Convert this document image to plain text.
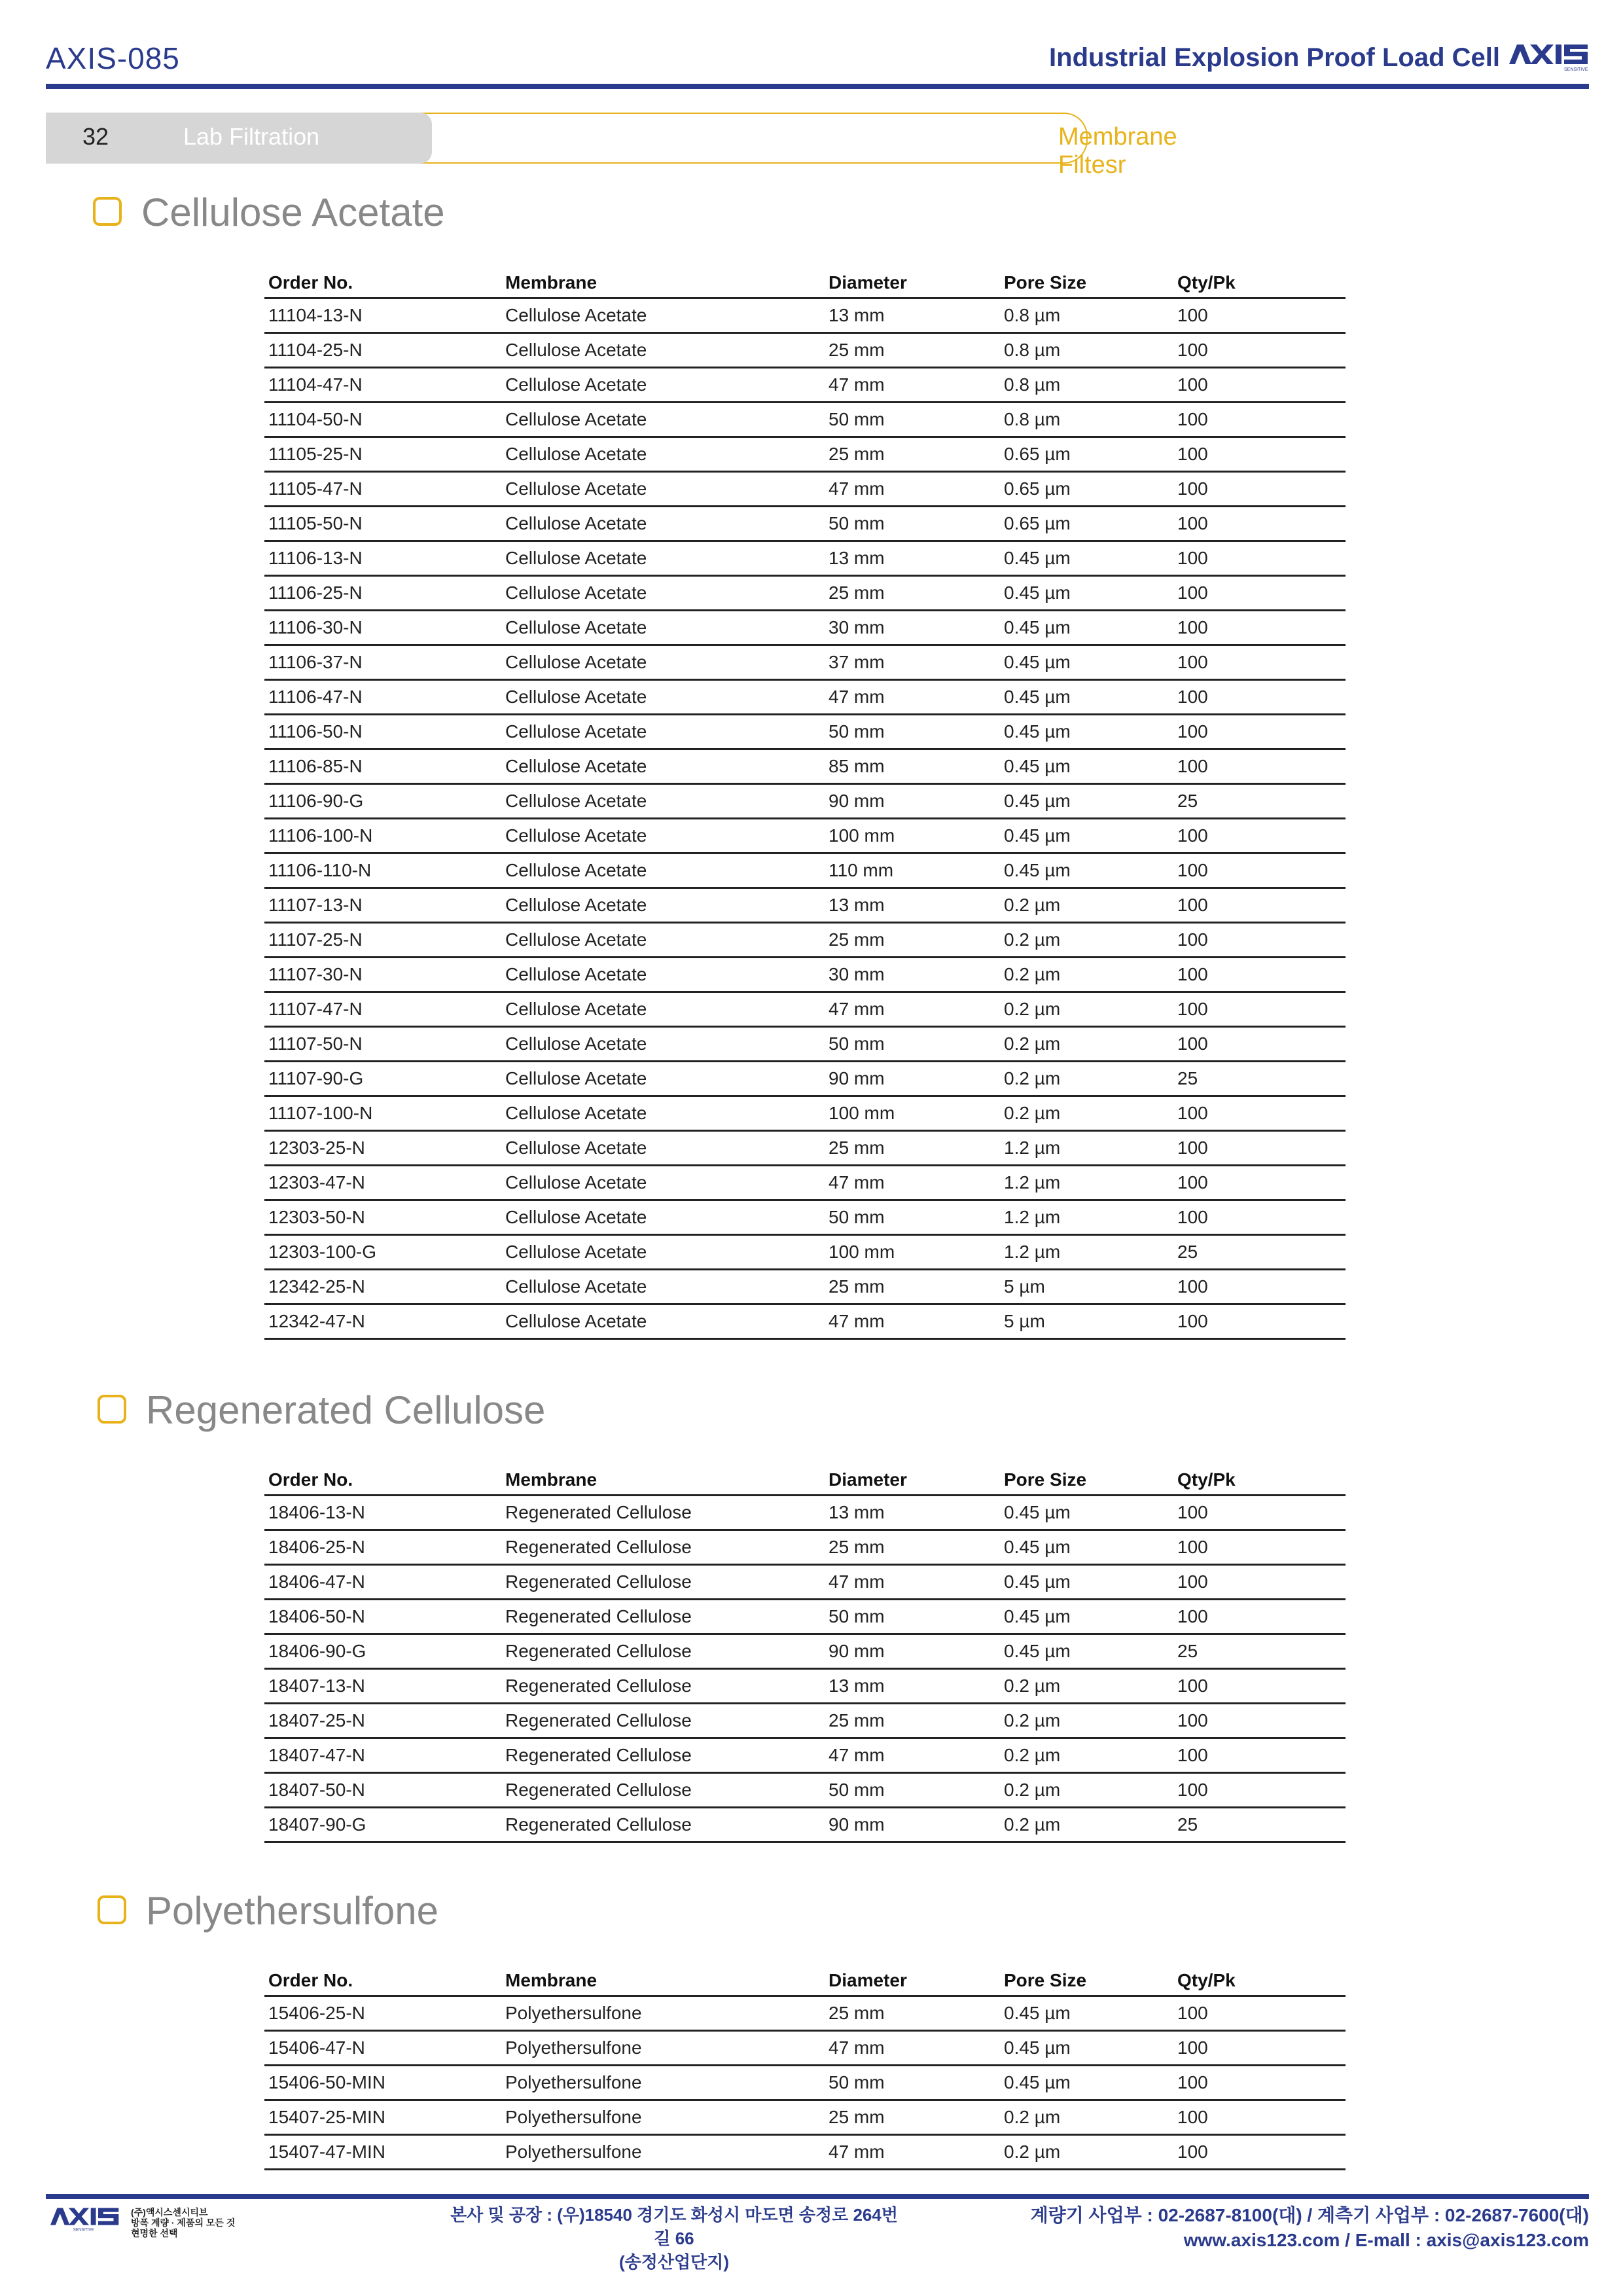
AXIS-085	Industrial Explosion Proof Load Cell	SENSITIVE
32	Lab Filtration	Membrane Filtesr
Cellulose Acetate
Order No.	Membrane	Diameter	Pore Size	Qty/Pk
11104-13-N	Cellulose Acetate	13 mm	0.8 µm	100
11104-25-N	Cellulose Acetate	25 mm	0.8 µm	100
11104-47-N	Cellulose Acetate	47 mm	0.8 µm	100
11104-50-N	Cellulose Acetate	50 mm	0.8 µm	100
11105-25-N	Cellulose Acetate	25 mm	0.65 µm	100
11105-47-N	Cellulose Acetate	47 mm	0.65 µm	100
11105-50-N	Cellulose Acetate	50 mm	0.65 µm	100
11106-13-N	Cellulose Acetate	13 mm	0.45 µm	100
11106-25-N	Cellulose Acetate	25 mm	0.45 µm	100
11106-30-N	Cellulose Acetate	30 mm	0.45 µm	100
11106-37-N	Cellulose Acetate	37 mm	0.45 µm	100
11106-47-N	Cellulose Acetate	47 mm	0.45 µm	100
11106-50-N	Cellulose Acetate	50 mm	0.45 µm	100
11106-85-N	Cellulose Acetate	85 mm	0.45 µm	100
11106-90-G	Cellulose Acetate	90 mm	0.45 µm	25
11106-100-N	Cellulose Acetate	100 mm	0.45 µm	100
11106-110-N	Cellulose Acetate	110 mm	0.45 µm	100
11107-13-N	Cellulose Acetate	13 mm	0.2 µm	100
11107-25-N	Cellulose Acetate	25 mm	0.2 µm	100
11107-30-N	Cellulose Acetate	30 mm	0.2 µm	100
11107-47-N	Cellulose Acetate	47 mm	0.2 µm	100
11107-50-N	Cellulose Acetate	50 mm	0.2 µm	100
11107-90-G	Cellulose Acetate	90 mm	0.2 µm	25
11107-100-N	Cellulose Acetate	100 mm	0.2 µm	100
12303-25-N	Cellulose Acetate	25 mm	1.2 µm	100
12303-47-N	Cellulose Acetate	47 mm	1.2 µm	100
12303-50-N	Cellulose Acetate	50 mm	1.2 µm	100
12303-100-G	Cellulose Acetate	100 mm	1.2 µm	25
12342-25-N	Cellulose Acetate	25 mm	5 µm	100
12342-47-N	Cellulose Acetate	47 mm	5 µm	100
Regenerated Cellulose
Order No.	Membrane	Diameter	Pore Size	Qty/Pk
18406-13-N	Regenerated Cellulose	13 mm	0.45 µm	100
18406-25-N	Regenerated Cellulose	25 mm	0.45 µm	100
18406-47-N	Regenerated Cellulose	47 mm	0.45 µm	100
18406-50-N	Regenerated Cellulose	50 mm	0.45 µm	100
18406-90-G	Regenerated Cellulose	90 mm	0.45 µm	25
18407-13-N	Regenerated Cellulose	13 mm	0.2 µm	100
18407-25-N	Regenerated Cellulose	25 mm	0.2 µm	100
18407-47-N	Regenerated Cellulose	47 mm	0.2 µm	100
18407-50-N	Regenerated Cellulose	50 mm	0.2 µm	100
18407-90-G	Regenerated Cellulose	90 mm	0.2 µm	25
Polyethersulfone
Order No.	Membrane	Diameter	Pore Size	Qty/Pk
15406-25-N	Polyethersulfone	25 mm	0.45 µm	100
15406-47-N	Polyethersulfone	47 mm	0.45 µm	100
15406-50-MIN	Polyethersulfone	50 mm	0.45 µm	100
15407-25-MIN	Polyethersulfone	25 mm	0.2 µm	100
15407-47-MIN	Polyethersulfone	47 mm	0.2 µm	100
SENSITIVE
(주)액시스센시티브
방폭 계량 · 제품의 모든 것
현명한 선택
본사 및 공장 : (우)18540 경기도 화성시 마도면 송정로 264번길 66
(송정산업단지)
계량기 사업부 : 02-2687-8100(대) / 계측기 사업부 : 02-2687-7600(대)
www.axis123.com / E-mall : axis@axis123.com
